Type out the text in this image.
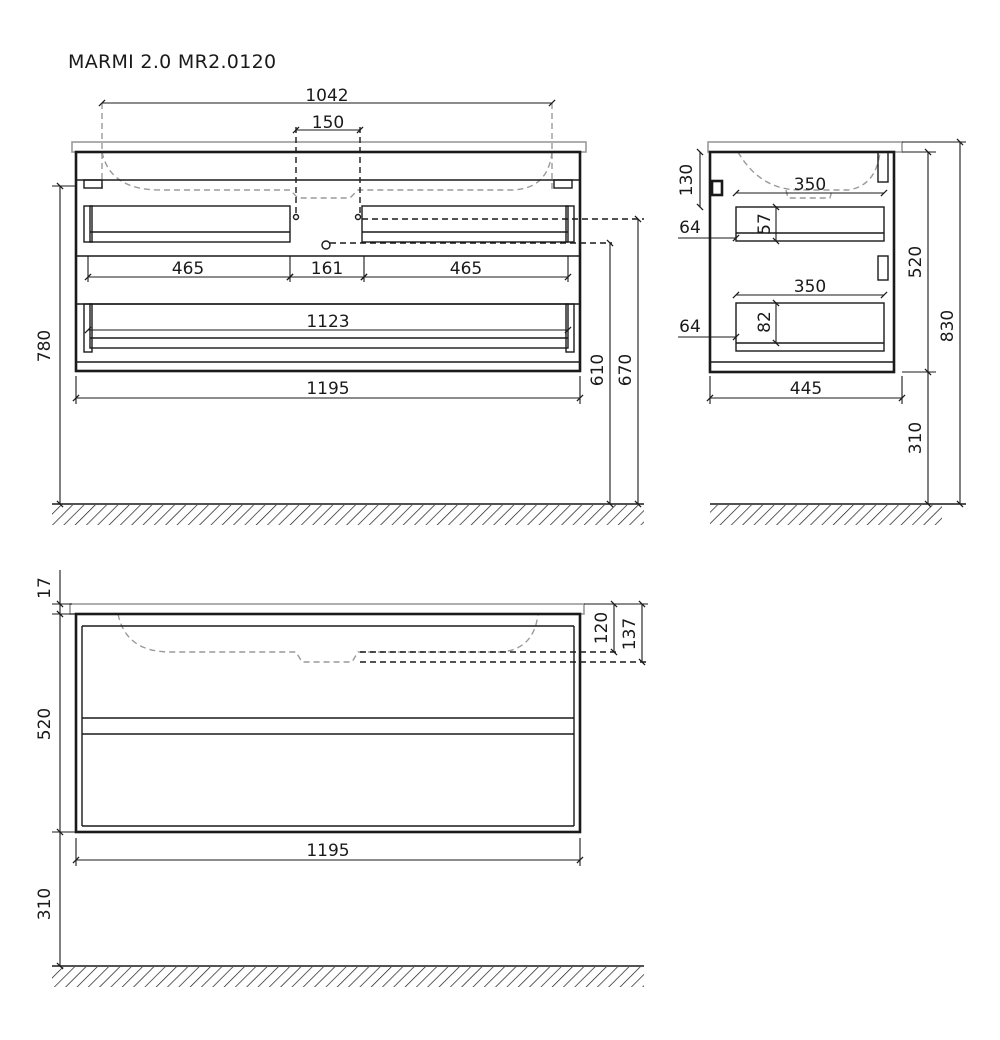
MARMI 2.0 MR2.0120
1042
150
465	161	465
1123
1195
780
610 670
130	350
64	57
350
64	82
445
520
310
830
17
520
310
120 137
1195
